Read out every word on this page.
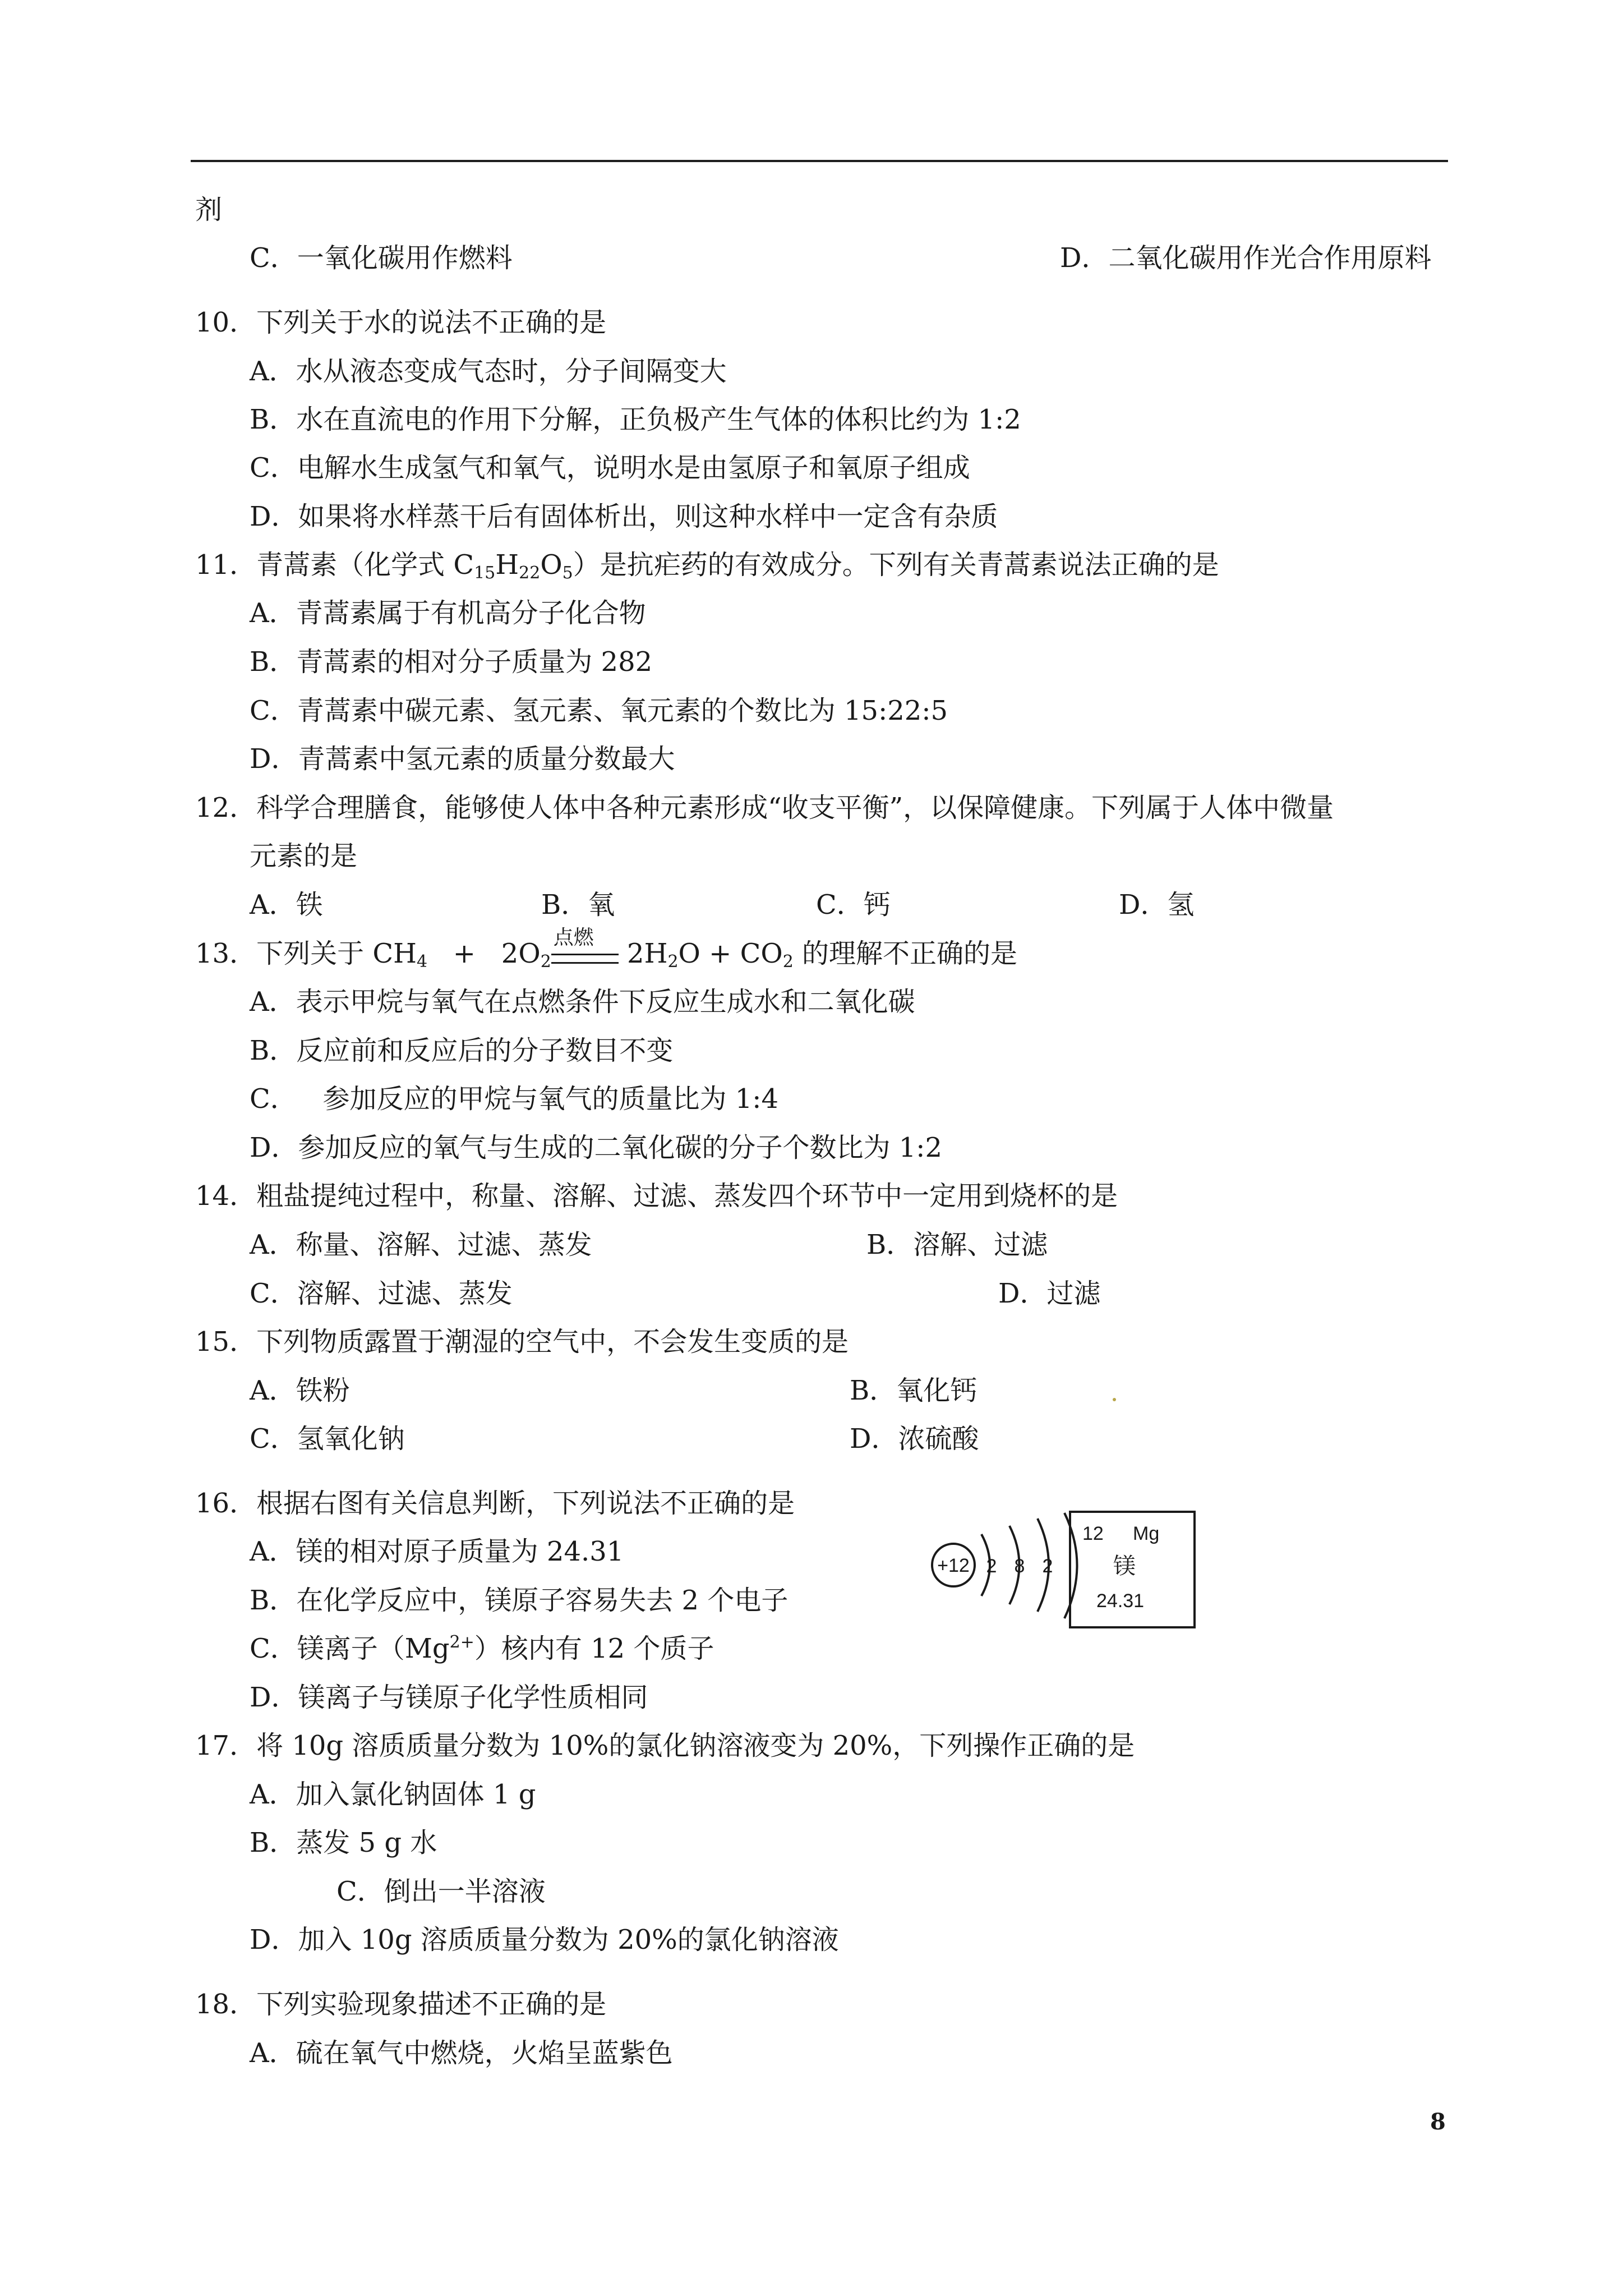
剂
C．一氧化碳用作燃料	D．二氧化碳用作光合作用原料
10．下列关于水的说法不正确的是
A．水从液态变成气态时，分子间隔变大
B．水在直流电的作用下分解，正负极产生气体的体积比约为 1:2
C．电解水生成氢气和氧气，说明水是由氢原子和氧原子组成
D．如果将水样蒸干后有固体析出，则这种水样中一定含有杂质
11．青蒿素（化学式 $C_{15}H_{22}O_5$）是抗疟药的有效成分。下列有关青蒿素说法正确的是
A．青蒿素属于有机高分子化合物
B．青蒿素的相对分子质量为 282
C．青蒿素中碳元素、氢元素、氧元素的个数比为 15:22:5
D．青蒿素中氢元素的质量分数最大
12．科学合理膳食，能够使人体中各种元素形成“收支平衡”，以保障健康。下列属于人体中微量
元素的是
A．铁	B．氧	C．钙	D．氢
13．下列关于 $CH_4 + 2O_2$
点燃
$2H_2O + CO_2$ 的理解不正确的是
A．表示甲烷与氧气在点燃条件下反应生成水和二氧化碳
B．反应前和反应后的分子数目不变
C．   参加反应的甲烷与氧气的质量比为 1:4
D．参加反应的氧气与生成的二氧化碳的分子个数比为 1:2
14．粗盐提纯过程中，称量、溶解、过滤、蒸发四个环节中一定用到烧杯的是
A．称量、溶解、过滤、蒸发	B．溶解、过滤
C．溶解、过滤、蒸发	D．过滤
15．下列物质露置于潮湿的空气中，不会发生变质的是
A．铁粉	B．氧化钙
C．氢氧化钠	D．浓硫酸
16．根据右图有关信息判断，下列说法不正确的是
A．镁的相对原子质量为 24.31
B．在化学反应中，镁原子容易失去 2 个电子
C．镁离子$(Mg^{2+})$核内有 12 个质子
D．镁离子与镁原子化学性质相同
+12 2 8 2
12 Mg
镁
24.31
17．将 10g 溶质质量分数为 10%的氯化钠溶液变为 20%，下列操作正确的是
A．加入氯化钠固体 1 g
B．蒸发 5 g 水
C．倒出一半溶液
D．加入 10g 溶质质量分数为 20%的氯化钠溶液
18．下列实验现象描述不正确的是
A．硫在氧气中燃烧，火焰呈蓝紫色
8
